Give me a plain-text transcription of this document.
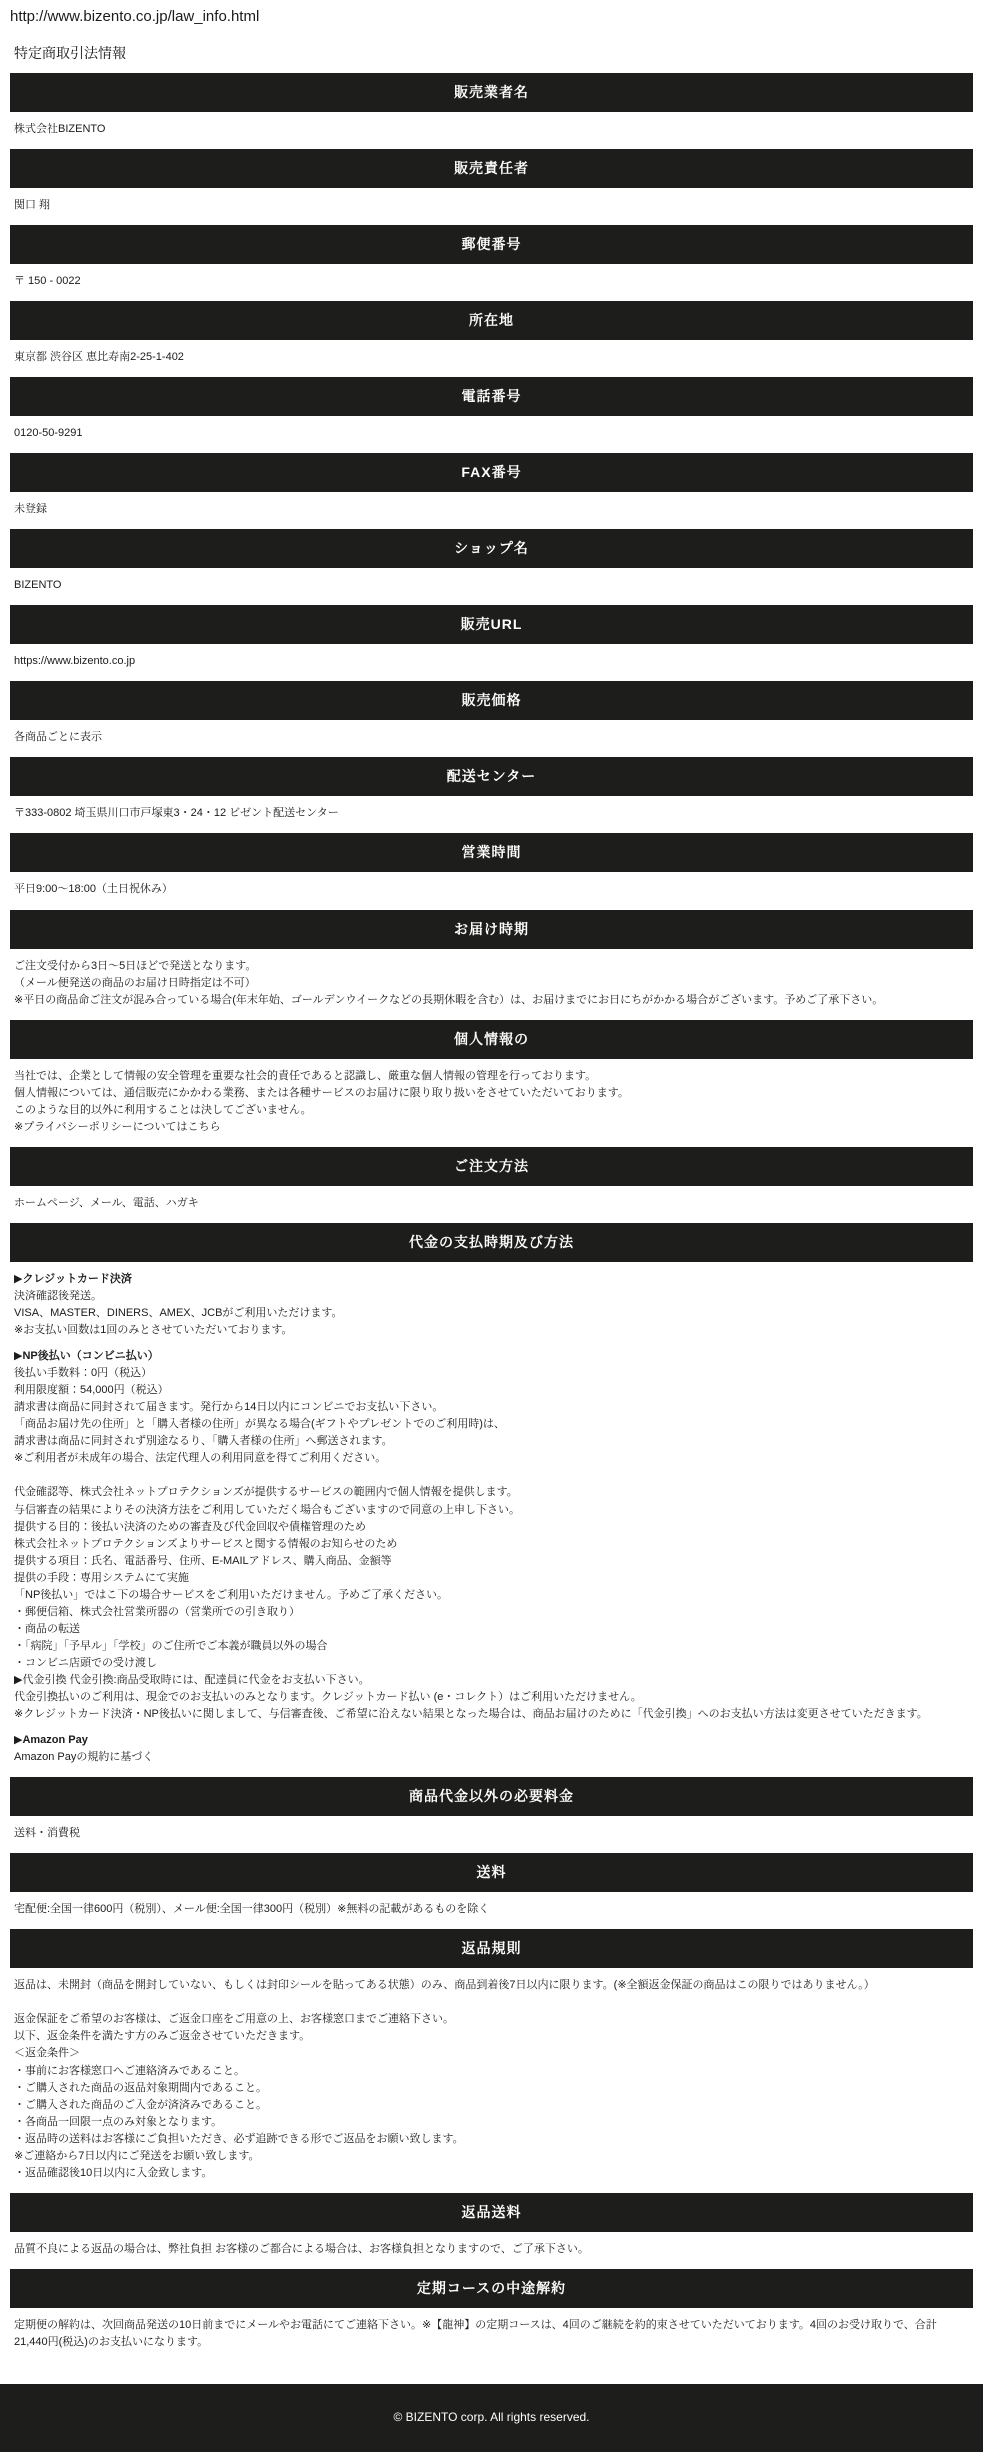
http://www.bizento.co.jp/law_info.html
特定商取引法情報
販売業者名

株式会社BIZENTO

販売責任者

関口 翔

郵便番号

〒 150 - 0022

所在地

東京都 渋谷区 恵比寿南2-25-1-402

電話番号

0120-50-9291

FAX番号

未登録

ショップ名

BIZENTO

販売URL

https://www.bizento.co.jp

販売価格

各商品ごとに表示

配送センター

〒333-0802 埼玉県川口市戸塚東3・24・12 ビゼント配送センター

営業時間

平日9:00〜18:00（土日祝休み）

お届け時期

ご注文受付から3日〜5日ほどで発送となります。

（メール便発送の商品のお届け日時指定は不可）

※平日の商品命ご注文が混み合っている場合(年末年始、ゴールデンウイークなどの長期休暇を含む）は、お届けまでにお日にちがかかる場合がございます。予めご了承下さい。

個人情報の

当社では、企業として情報の安全管理を重要な社会的責任であると認識し、厳重な個人情報の管理を行っております。

個人情報については、通信販売にかかわる業務、または各種サービスのお届けに限り取り扱いをさせていただいております。

このような目的以外に利用することは決してございません。

※プライバシーポリシーについてはこちら

ご注文方法

ホームページ、メール、電話、ハガキ

代金の支払時期及び方法

▶クレジットカード決済

決済確認後発送。

VISA、MASTER、DINERS、AMEX、JCBがご利用いただけます。

※お支払い回数は1回のみとさせていただいております。

▶NP後払い（コンビニ払い）

後払い手数料：0円（税込）

利用限度額：54,000円（税込）

請求書は商品に同封されて届きます。発行から14日以内にコンビニでお支払い下さい。

「商品お届け先の住所」と「購入者様の住所」が異なる場合(ギフトやプレゼントでのご利用時)は、

請求書は商品に同封されず別途なるり、「購入者様の住所」へ郵送されます。

※ご利用者が未成年の場合、法定代理人の利用同意を得てご利用ください。

代金確認等、株式会社ネットプロテクションズが提供するサービスの範囲内で個人情報を提供します。

与信審査の結果によりその決済方法をご利用していただく場合もございますので同意の上申し下さい。

提供する目的：後払い決済のための審査及び代金回収や債権管理のため

株式会社ネットプロテクションズよりサービスと関する情報のお知らせのため

提供する項目：氏名、電話番号、住所、E-MAILアドレス、購入商品、金額等

提供の手段：専用システムにて実施

「NP後払い」ではこ下の場合サービスをご利用いただけません。予めご了承ください。

・郵便信箱、株式会社営業所器の（営業所での引き取り）

・商品の転送

・「病院」「予早ル」「学校」のご住所でご本義が職員以外の場合

・コンビニ店頭での受け渡し

▶代金引換 代金引換:商品受取時には、配達員に代金をお支払い下さい。

代金引換払いのご利用は、現金でのお支払いのみとなります。クレジットカード払い (e・コレクト）はご利用いただけません。

※クレジットカード決済・NP後払いに関しまして、与信審査後、ご希望に沿えない結果となった場合は、商品お届けのために「代金引換」へのお支払い方法は変更させていただきます。

▶Amazon Pay

Amazon Payの規約に基づく

商品代金以外の必要料金

送料・消費税

送料

宅配便:全国一律600円（税別）、メール便:全国一律300円（税別）※無料の記載があるものを除く

返品規則

返品は、未開封（商品を開封していない、もしくは封印シールを貼ってある状態）のみ、商品到着後7日以内に限ります。(※全額返金保証の商品はこの限りではありません。）

返金保証をご希望のお客様は、ご返金口座をご用意の上、お客様窓口までご連絡下さい。

以下、返金条件を満たす方のみご返金させていただきます。

＜返金条件＞

・事前にお客様窓口へご連絡済みであること。

・ご購入された商品の返品対象期間内であること。

・ご購入された商品のご入金が済済みであること。

・各商品一回限一点のみ対象となります。

・返品時の送料はお客様にご負担いただき、必ず追跡できる形でご返品をお願い致します。

※ご連絡から7日以内にご発送をお願い致します。

・返品確認後10日以内に入金致します。

返品送料

品質不良による返品の場合は、弊社負担 お客様のご都合による場合は、お客様負担となりますので、ご了承下さい。

定期コースの中途解約

定期便の解約は、次回商品発送の10日前までにメールやお電話にてご連絡下さい。※【龍神】の定期コースは、4回のご継続を約的束させていただいております。4回のお受け取りで、合計21,440円(税込)のお支払いになります。

© BIZENTO corp. All rights reserved.
